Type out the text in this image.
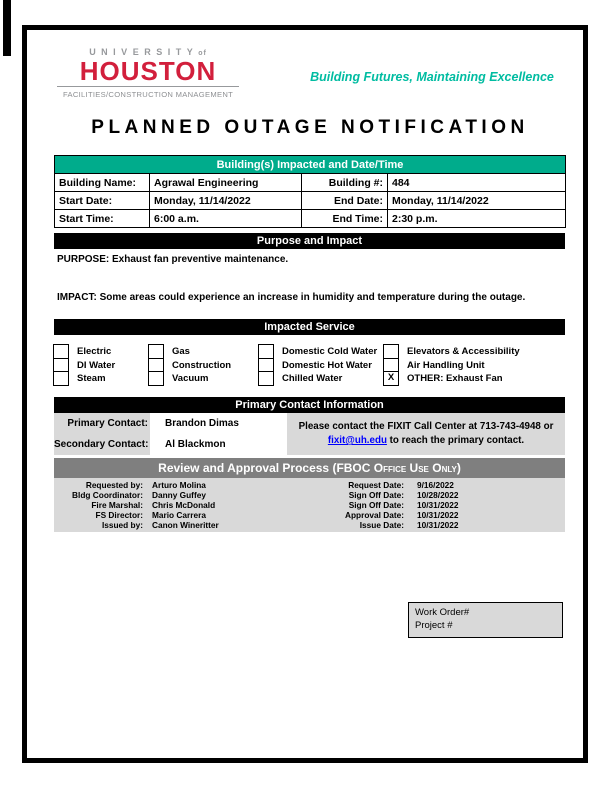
UNIVERSITYof
HOUSTON
FACILITIES/CONSTRUCTION MANAGEMENT
Building Futures, Maintaining Excellence
PLANNED OUTAGE NOTIFICATION
Building(s) Impacted and Date/Time			
Building Name:	Agrawal Engineering	Building #:	484
Start Date:	Monday, 11/14/2022	End Date:	Monday, 11/14/2022
Start Time:	6:00 a.m.	End Time:	2:30 p.m.
Purpose and Impact
PURPOSE: Exhaust fan preventive maintenance.
IMPACT: Some areas could experience an increase in humidity and temperature during the outage.
Impacted Service
Electric
DI Water
Steam
Gas
Construction
Vacuum
Domestic Cold Water
Domestic Hot Water
Chilled Water
Elevators & Accessibility
Air Handling Unit
X	OTHER: Exhaust Fan
Primary Contact Information
Primary Contact: Brandon Dimas
Secondary Contact: Al Blackmon
Please contact the FIXIT Call Center at 713-743-4948 or
fixit@uh.edu to reach the primary contact.
Review and Approval Process (FBOC Office Use Only)
Requested by: Arturo Molina	Request Date: 9/16/2022
Bldg Coordinator: Danny Guffey	Sign Off Date: 10/28/2022
Fire Marshal: Chris McDonald	Sign Off Date: 10/31/2022
FS Director: Mario Carrera	Approval Date: 10/31/2022
Issued by: Canon Wineritter	Issue Date: 10/31/2022
Work Order#
Project #
